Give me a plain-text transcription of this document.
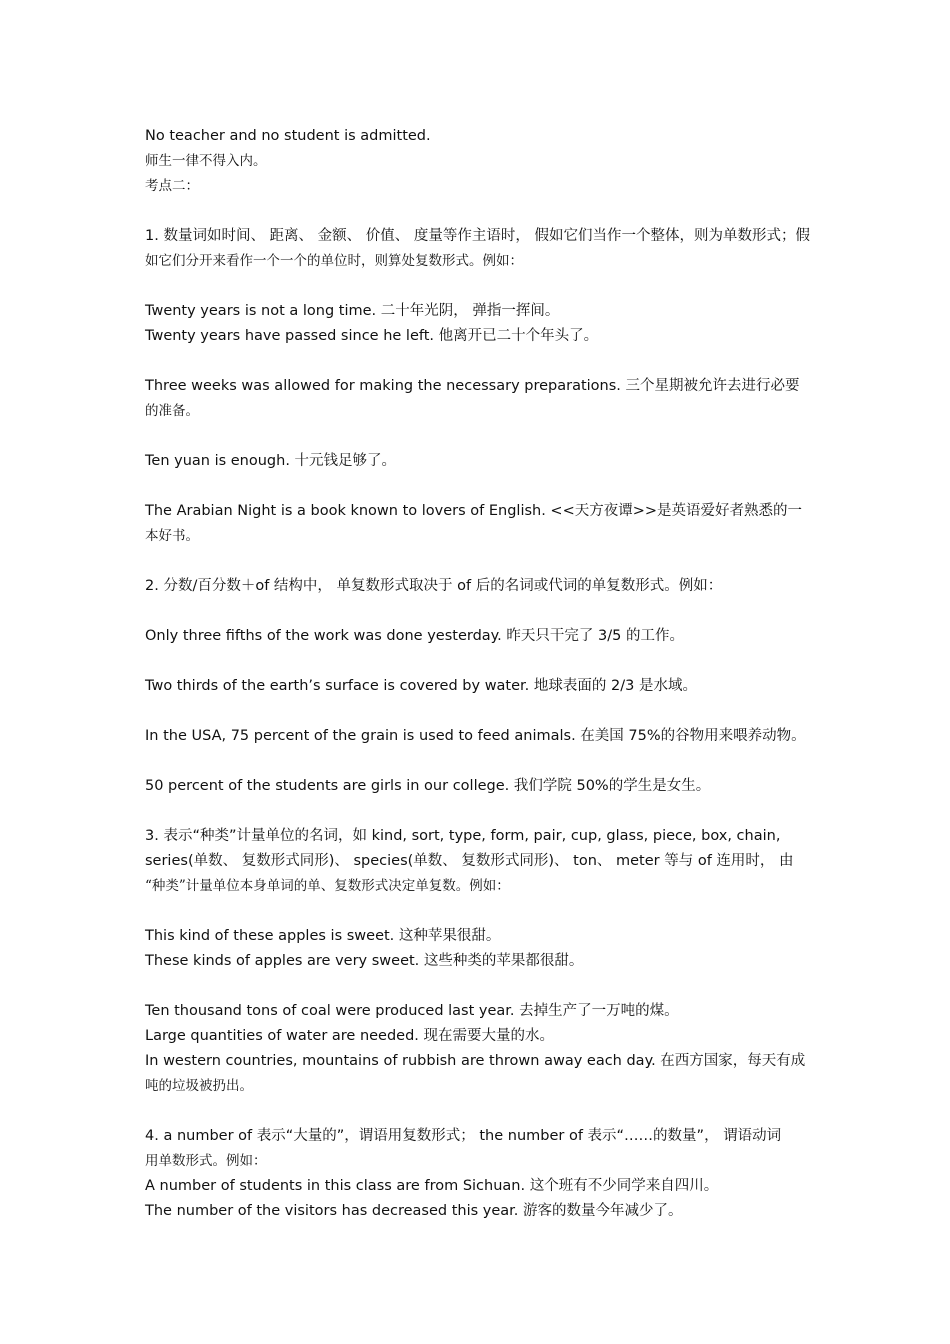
No teacher and no student is admitted.
师生一律不得入内。
考点二：
1. 数量词如时间、 距离、 金额、 价值、 度量等作主语时， 假如它们当作一个整体，则为单数形式；假
如它们分开来看作一个一个的单位时，则算处复数形式。例如：
Twenty years is not a long time. 二十年光阴， 弹指一挥间。
Twenty years have passed since he left. 他离开已二十个年头了。
Three weeks was allowed for making the necessary preparations. 三个星期被允许去进行必要
的准备。
Ten yuan is enough. 十元钱足够了。
The Arabian Night is a book known to lovers of English. <<天方夜谭>>是英语爱好者熟悉的一
本好书。
2. 分数/百分数＋of 结构中， 单复数形式取决于 of 后的名词或代词的单复数形式。例如：
Only three fifths of the work was done yesterday. 昨天只干完了 3/5 的工作。
Two thirds of the earth’s surface is covered by water. 地球表面的 2/3 是水域。
In the USA, 75 percent of the grain is used to feed animals. 在美国 75%的谷物用来喂养动物。
50 percent of the students are girls in our college. 我们学院 50%的学生是女生。
3. 表示“种类”计量单位的名词，如 kind, sort, type, form, pair, cup, glass, piece, box, chain,
series(单数、 复数形式同形)、 species(单数、 复数形式同形)、 ton、 meter 等与 of 连用时， 由
“种类”计量单位本身单词的单、复数形式决定单复数。例如：
This kind of these apples is sweet. 这种苹果很甜。
These kinds of apples are very sweet. 这些种类的苹果都很甜。
Ten thousand tons of coal were produced last year. 去掉生产了一万吨的煤。
Large quantities of water are needed. 现在需要大量的水。
In western countries, mountains of rubbish are thrown away each day. 在西方国家，每天有成
吨的垃圾被扔出。
4. a number of 表示“大量的”，谓语用复数形式； the number of 表示“……的数量”， 谓语动词
用单数形式。例如：
A number of students in this class are from Sichuan. 这个班有不少同学来自四川。
The number of the visitors has decreased this year. 游客的数量今年减少了。
